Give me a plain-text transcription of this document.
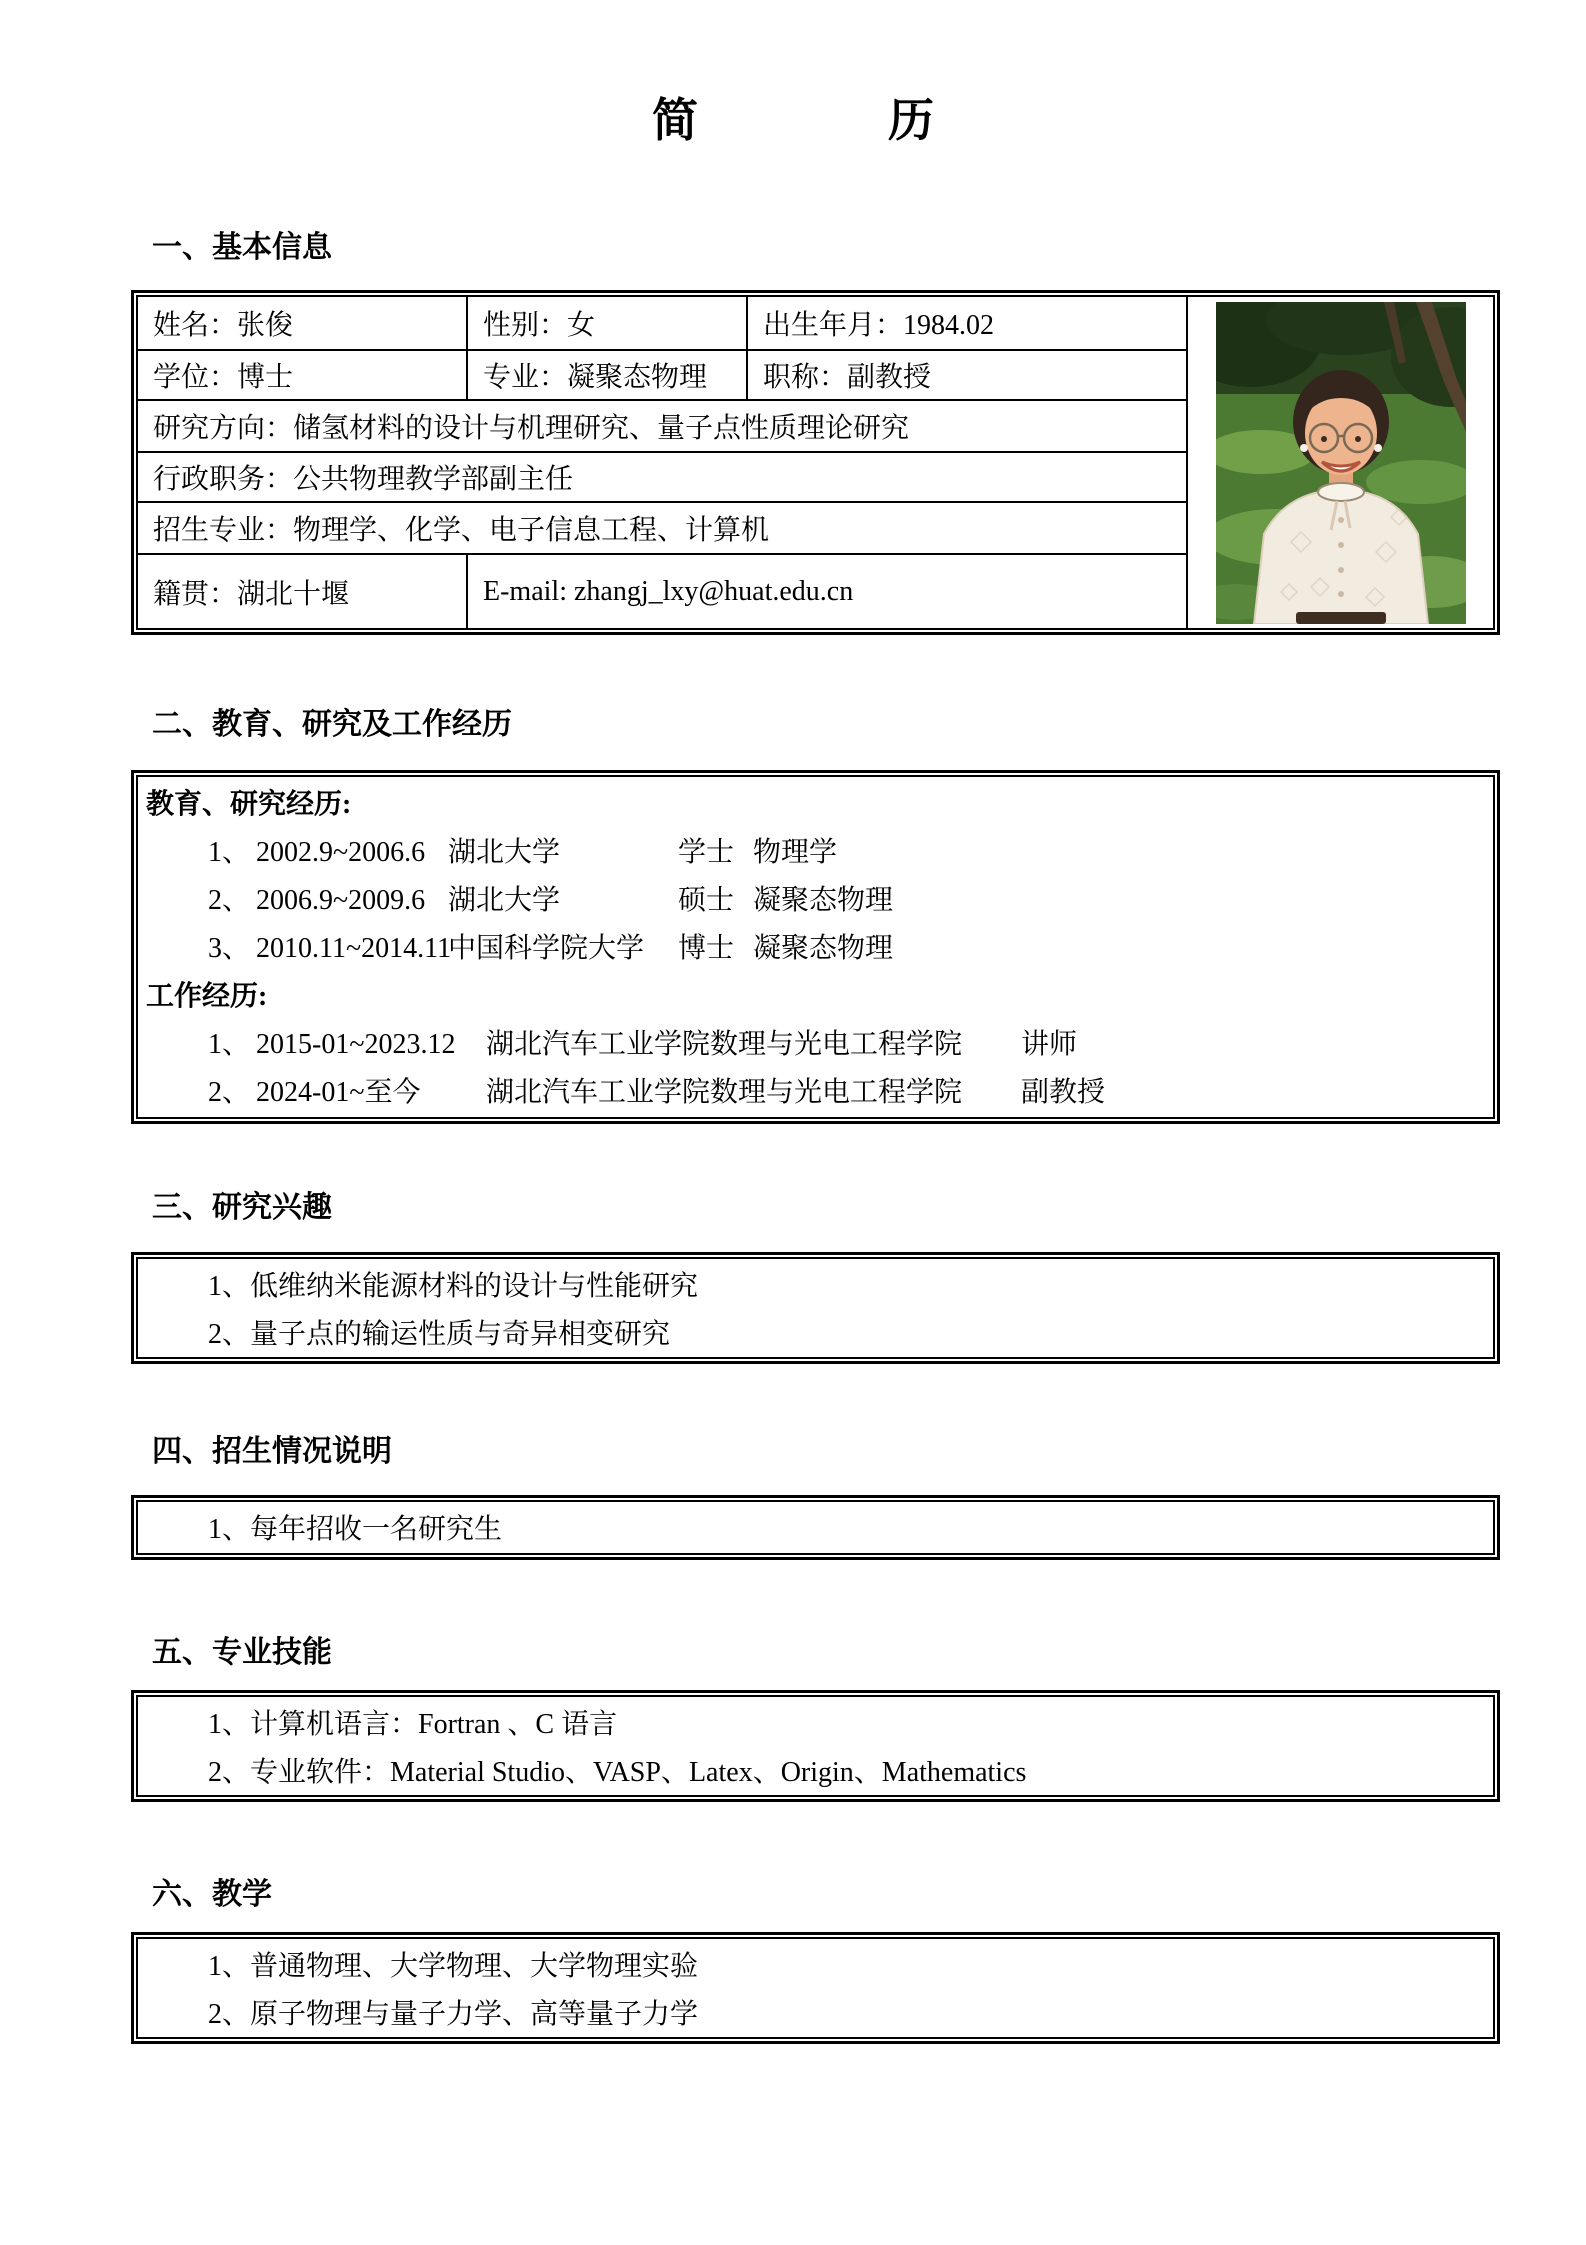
简历
一、基本信息
姓名：张俊	性别：女	出生年月：1984.02	

学位：博士	专业：凝聚态物理	职称：副教授	
研究方向：储氢材料的设计与机理研究、量子点性质理论研究			
行政职务：公共物理教学部副主任			
招生专业：物理学、化学、电子信息工程、计算机			
籍贯：湖北十堰	E-mail: zhangj_lxy@huat.edu.cn		
二、教育、研究及工作经历
教育、研究经历:
1、 2002.9~2006.6 湖北大学	学士 物理学
2、 2006.9~2009.6 湖北大学	硕士 凝聚态物理
3、 2010.11~2014.11中国科学院大学 博士 凝聚态物理
工作经历:
1、 2015-01~2023.12 湖北汽车工业学院数理与光电工程学院 讲师
2、 2024-01~至今 湖北汽车工业学院数理与光电工程学院 副教授
三、研究兴趣
1、低维纳米能源材料的设计与性能研究
2、量子点的输运性质与奇异相变研究
四、招生情况说明
1、每年招收一名研究生
五、专业技能
1、计算机语言：Fortran 、C 语言
2、专业软件：Material Studio、VASP、Latex、Origin、Mathematics
六、教学
1、普通物理、大学物理、大学物理实验
2、原子物理与量子力学、高等量子力学
